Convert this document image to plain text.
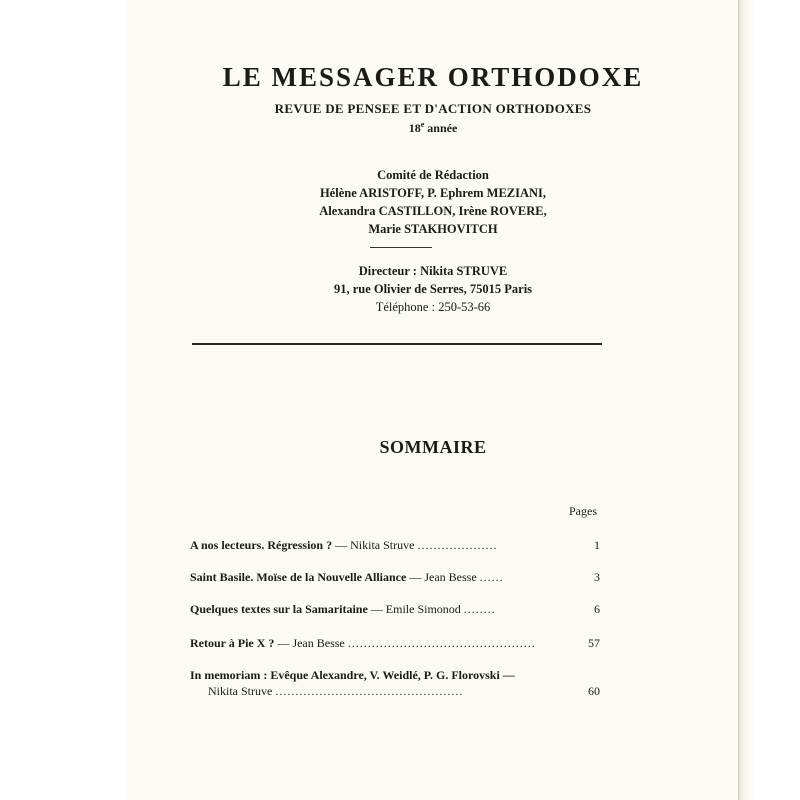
LE MESSAGER ORTHODOXE
REVUE DE PENSEE ET D'ACTION ORTHODOXES
18e année
Comité de Rédaction
Hélène ARISTOFF, P. Ephrem MEZIANI,
Alexandra CASTILLON, Irène ROVERE,
Marie STAKHOVITCH
Directeur : Nikita STRUVE
91, rue Olivier de Serres, 75015 Paris
Téléphone : 250-53-66
SOMMAIRE
Pages
A nos lecteurs. Régression ? — Nikita Struve ....................	1
Saint Basile. Moïse de la Nouvelle Alliance — Jean Besse ......	3
Quelques textes sur la Samaritaine — Emile Simonod ........	6
Retour à Pie X ? — Jean Besse ...............................................	57
In memoriam : Evêque Alexandre, V. Weidlé, P. G. Florovski —
Nikita Struve ...............................................	60
